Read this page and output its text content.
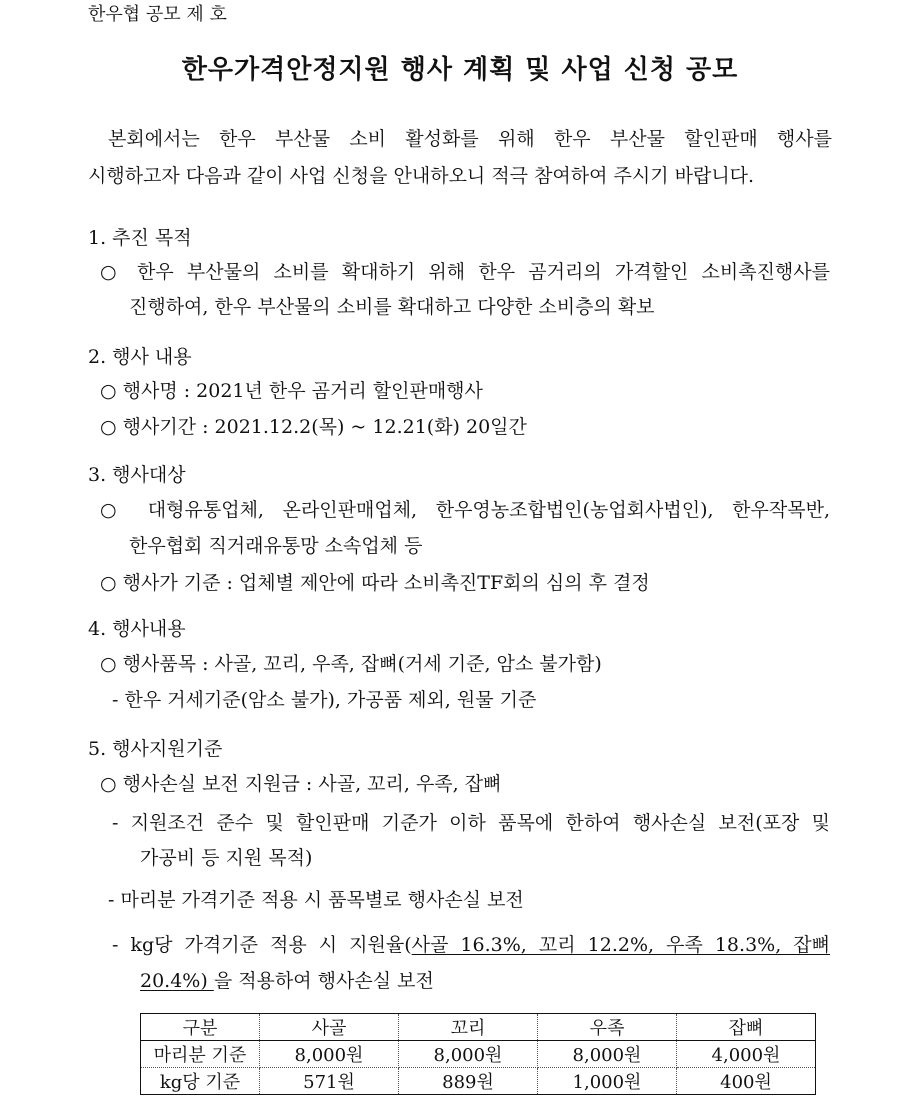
한우협 공모 제 호
한우가격안정지원 행사 계획 및 사업 신청 공모
본회에서는 한우 부산물 소비 활성화를 위해 한우 부산물 할인판매 행사를
시행하고자 다음과 같이 사업 신청을 안내하오니 적극 참여하여 주시기 바랍니다.
1. 추진 목적
○ 한우 부산물의 소비를 확대하기 위해 한우 곰거리의 가격할인 소비촉진행사를
진행하여, 한우 부산물의 소비를 확대하고 다양한 소비층의 확보
2. 행사 내용
○ 행사명 : 2021년 한우 곰거리 할인판매행사
○ 행사기간 : 2021.12.2(목) ~ 12.21(화) 20일간
3. 행사대상
○ 대형유통업체, 온라인판매업체, 한우영농조합법인(농업회사법인), 한우작목반,
한우협회 직거래유통망 소속업체 등
○ 행사가 기준 : 업체별 제안에 따라 소비촉진TF회의 심의 후 결정
4. 행사내용
○ 행사품목 : 사골, 꼬리, 우족, 잡뼈(거세 기준, 암소 불가함)
- 한우 거세기준(암소 불가), 가공품 제외, 원물 기준
5. 행사지원기준
○ 행사손실 보전 지원금 : 사골, 꼬리, 우족, 잡뼈
- 지원조건 준수 및 할인판매 기준가 이하 품목에 한하여 행사손실 보전(포장 및
가공비 등 지원 목적)
- 마리분 가격기준 적용 시 품목별로 행사손실 보전
- kg당 가격기준 적용 시 지원율(사골 16.3%, 꼬리 12.2%, 우족 18.3%, 잡뼈
20.4%) 을 적용하여 행사손실 보전
구분	사골	꼬리	우족	잡뼈
마리분 기준	8,000원	8,000원	8,000원	4,000원
kg당 기준	571원	889원	1,000원	400원
